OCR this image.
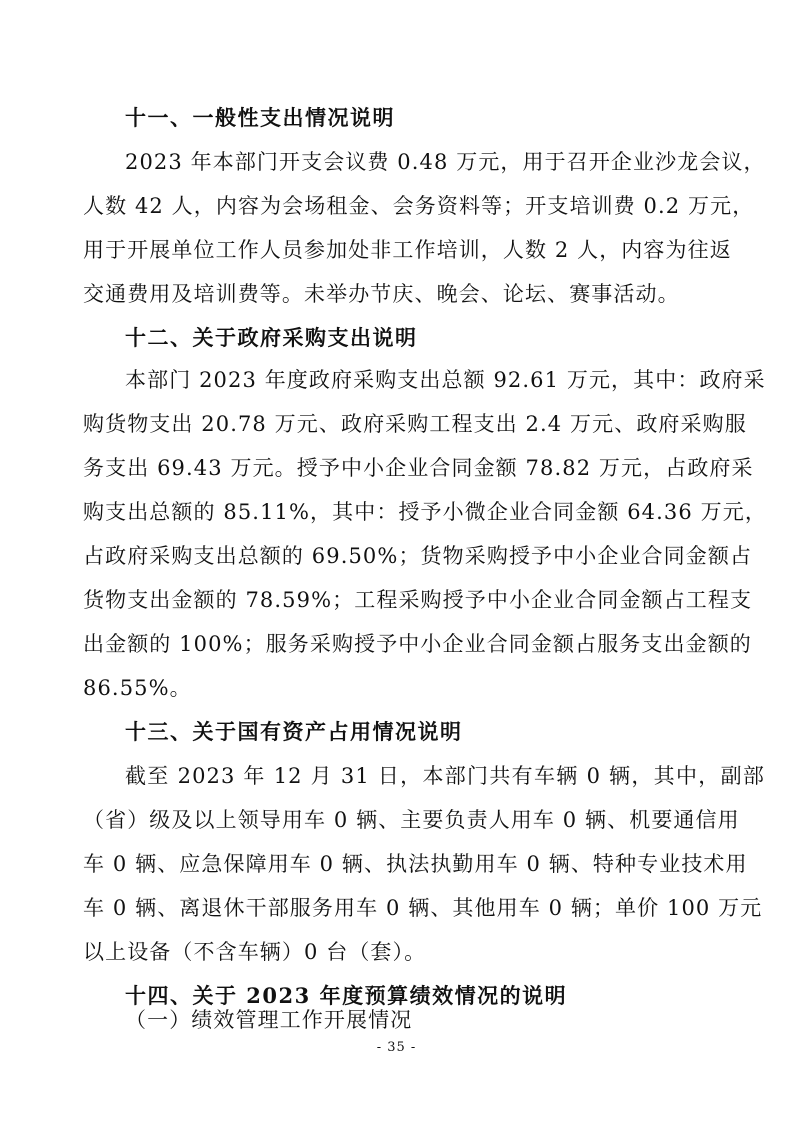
十一、一般性支出情况说明
2023 年本部门开支会议费 0.48 万元，用于召开企业沙龙会议，
人数 42 人，内容为会场租金、会务资料等；开支培训费 0.2 万元，
用于开展单位工作人员参加处非工作培训，人数 2 人，内容为往返
交通费用及培训费等。未举办节庆、晚会、论坛、赛事活动。
十二、关于政府采购支出说明
本部门 2023 年度政府采购支出总额 92.61 万元，其中：政府采
购货物支出 20.78 万元、政府采购工程支出 2.4 万元、政府采购服
务支出 69.43 万元。授予中小企业合同金额 78.82 万元，占政府采
购支出总额的 85.11%，其中：授予小微企业合同金额 64.36 万元，
占政府采购支出总额的 69.50%；货物采购授予中小企业合同金额占
货物支出金额的 78.59%；工程采购授予中小企业合同金额占工程支
出金额的 100%；服务采购授予中小企业合同金额占服务支出金额的
86.55%。
十三、关于国有资产占用情况说明
截至 2023 年 12 月 31 日，本部门共有车辆 0 辆，其中，副部
（省）级及以上领导用车 0 辆、主要负责人用车 0 辆、机要通信用
车 0 辆、应急保障用车 0 辆、执法执勤用车 0 辆、特种专业技术用
车 0 辆、离退休干部服务用车 0 辆、其他用车 0 辆；单价 100 万元
以上设备（不含车辆）0 台（套）。
十四、关于 2023 年度预算绩效情况的说明
（一）绩效管理工作开展情况
- 35 -
